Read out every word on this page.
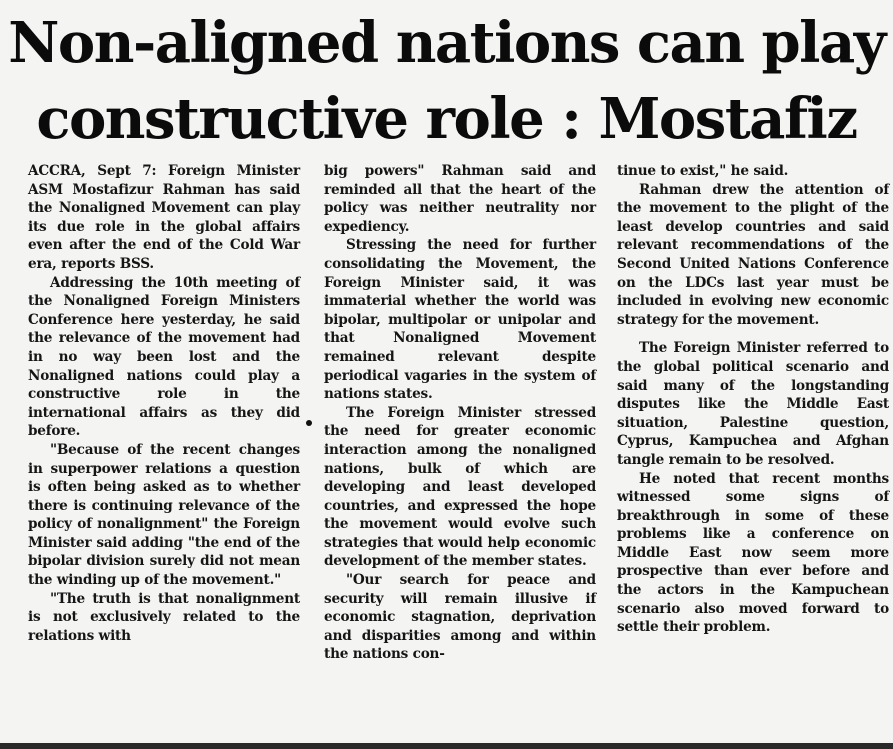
Non-aligned nations can play
constructive role : Mostafiz

ACCRA, Sept 7: Foreign Minister ASM Mostafizur Rahman has said the Nonaligned Movement can play its due role in the global affairs even after the end of the Cold War era, reports BSS.

Addressing the 10th meeting of the Nonaligned Foreign Ministers Conference here yesterday, he said the relevance of the movement had in no way been lost and the Nonaligned nations could play a constructive role in the international affairs as they did before.

"Because of the recent changes in superpower relations a question is often being asked as to whether there is continuing relevance of the policy of nonalignment" the Foreign Minister said adding "the end of the bipolar division surely did not mean the winding up of the movement."

"The truth is that nonalignment is not exclusively related to the relations with

big powers" Rahman said and reminded all that the heart of the policy was neither neutrality nor expediency.

Stressing the need for further consolidating the Movement, the Foreign Minister said, it was immaterial whether the world was bipolar, multipolar or unipolar and that Nonaligned Movement remained relevant despite periodical vagaries in the system of nations states.

The Foreign Minister stressed the need for greater economic interaction among the nonaligned nations, bulk of which are developing and least developed countries, and expressed the hope the movement would evolve such strategies that would help economic development of the member states.

"Our search for peace and security will remain illusive if economic stagnation, deprivation and disparities among and within the nations con-

tinue to exist," he said.

Rahman drew the attention of the movement to the plight of the least develop countries and said relevant recommendations of the Second United Nations Conference on the LDCs last year must be included in evolving new economic strategy for the movement.

The Foreign Minister referred to the global political scenario and said many of the longstanding disputes like the Middle East situation, Palestine question, Cyprus, Kampuchea and Afghan tangle remain to be resolved.

He noted that recent months witnessed some signs of breakthrough in some of these problems like a conference on Middle East now seem more prospective than ever before and the actors in the Kampuchean scenario also moved forward to settle their problem.
